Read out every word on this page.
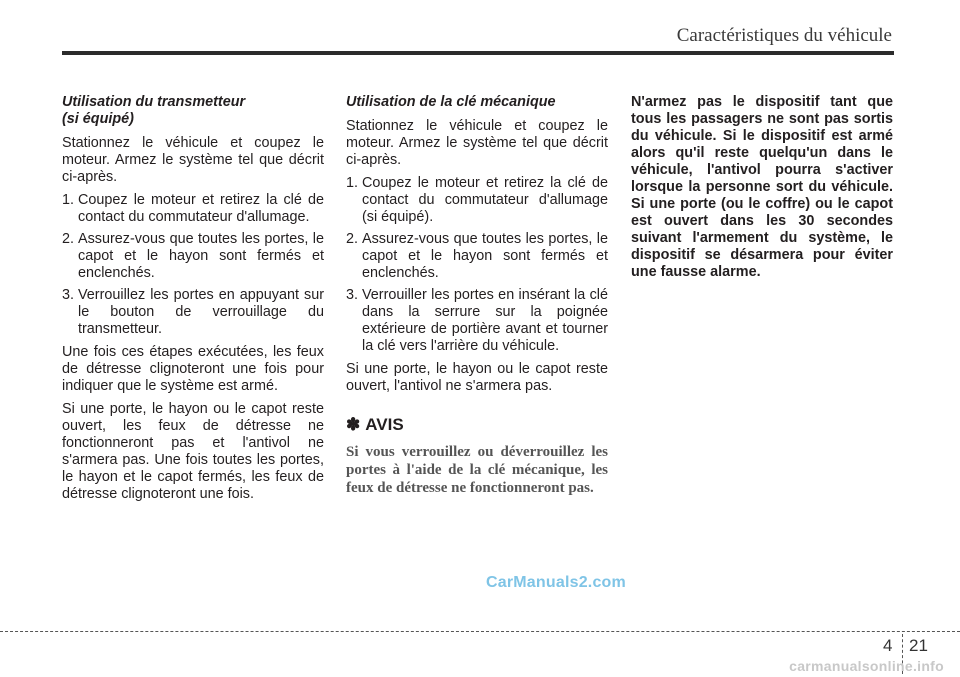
Caractéristiques du véhicule
Utilisation du transmetteur
(si équipé)

Stationnez le véhicule et coupez le moteur. Armez le système tel que décrit ci-après.

1. Coupez le moteur et retirez la clé de contact du commutateur d'allumage.
2. Assurez-vous que toutes les portes, le capot et le hayon sont fermés et enclenchés.
3. Verrouillez les portes en appuyant sur le bouton de verrouillage du transmetteur.

Une fois ces étapes exécutées, les feux de détresse clignoteront une fois pour indiquer que le système est armé.

Si une porte, le hayon ou le capot reste ouvert, les feux de détresse ne fonctionneront pas et l'antivol ne s'armera pas. Une fois toutes les portes, le hayon et le capot fermés, les feux de détresse clignoteront une fois.

Utilisation de la clé mécanique

Stationnez le véhicule et coupez le moteur. Armez le système tel que décrit ci-après.

1. Coupez le moteur et retirez la clé de contact du commutateur d'allumage (si équipé).
2. Assurez-vous que toutes les portes, le capot et le hayon sont fermés et enclenchés.
3. Verrouiller les portes en insérant la clé dans la serrure sur la poignée extérieure de portière avant et tourner la clé vers l'arrière du véhicule.

Si une porte, le hayon ou le capot reste ouvert, l'antivol ne s'armera pas.

✽ AVIS

Si vous verrouillez ou déverrouillez les portes à l'aide de la clé mécanique, les feux de détresse ne fonctionneront pas.

N'armez pas le dispositif tant que tous les passagers ne sont pas sortis du véhicule. Si le dispositif est armé alors qu'il reste quelqu'un dans le véhicule, l'antivol pourra s'activer lorsque la personne sort du véhicule. Si une porte (ou le coffre) ou le capot est ouvert dans les 30 secondes suivant l'armement du système, le dispositif se désarmera pour éviter une fausse alarme.

CarManuals2.com
4 21
carmanualsonline.info
